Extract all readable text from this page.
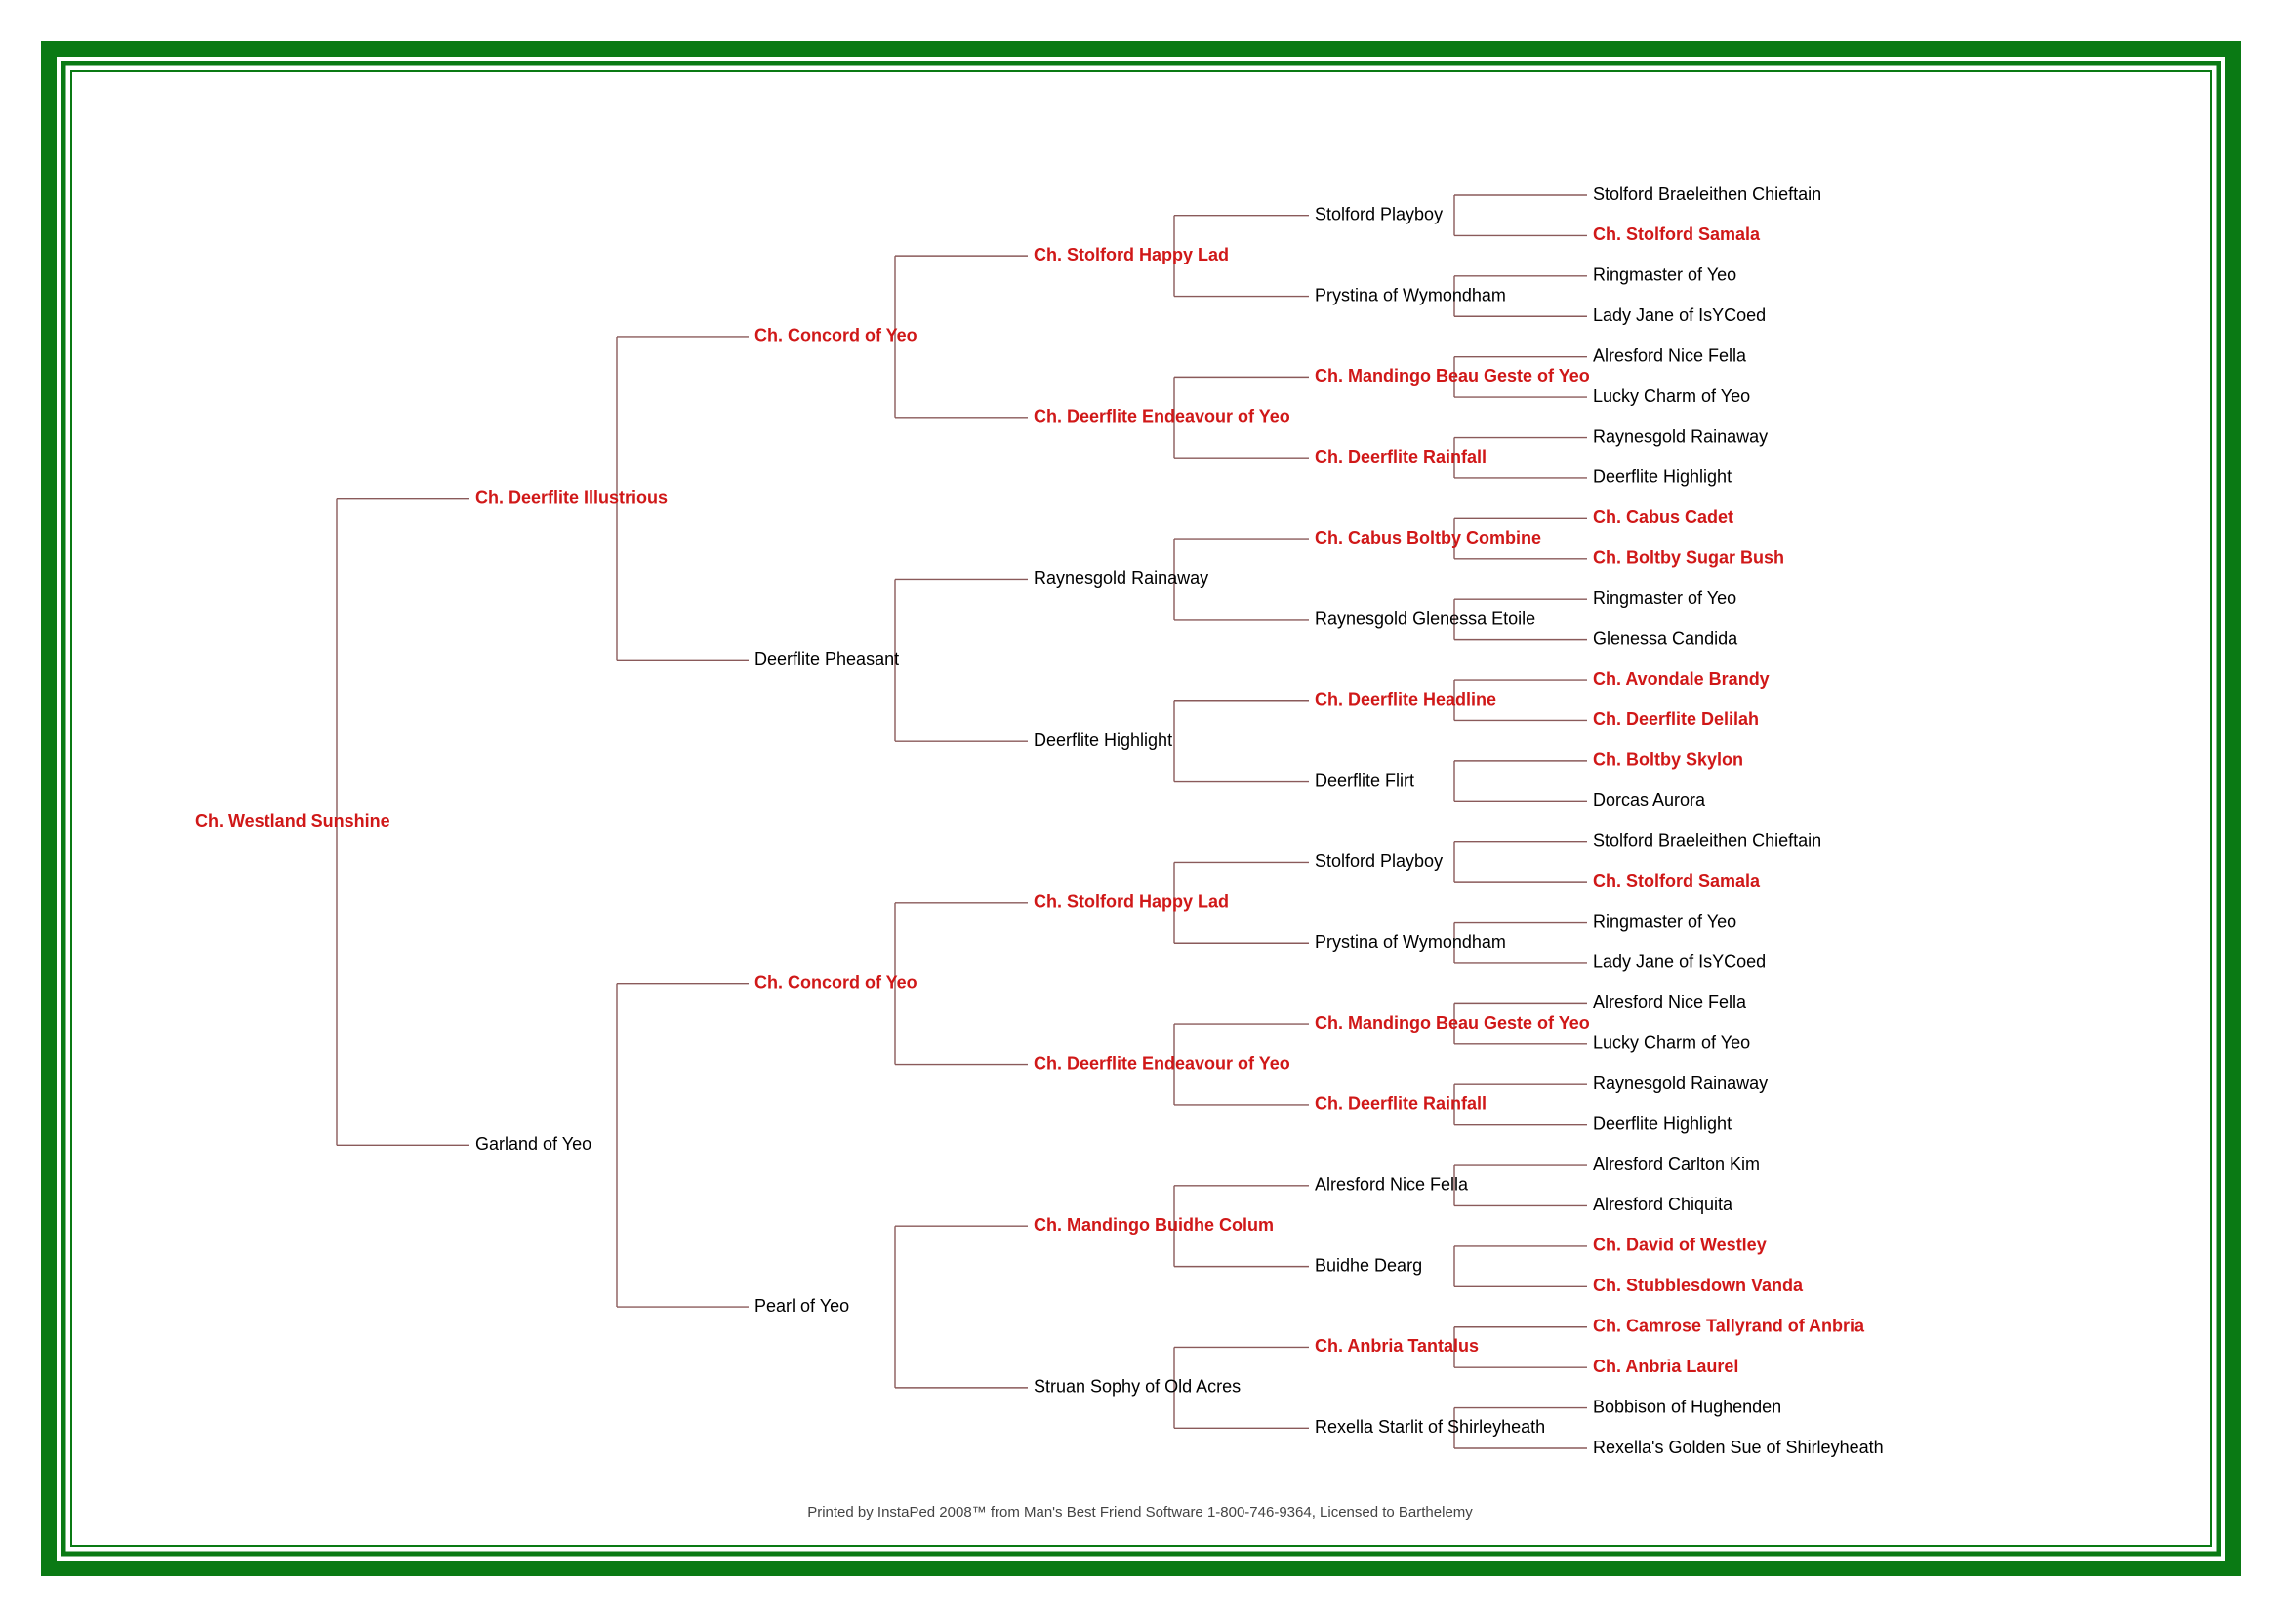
Ch. Westland Sunshine
Ch. Deerflite Illustrious
Ch. Concord of Yeo
Ch. Stolford Happy Lad
Stolford Playboy
Stolford Braeleithen Chieftain
Ch. Stolford Samala
Prystina of Wymondham
Ringmaster of Yeo
Lady Jane of IsYCoed
Ch. Deerflite Endeavour of Yeo
Ch. Mandingo Beau Geste of Yeo
Alresford Nice Fella
Lucky Charm of Yeo
Ch. Deerflite Rainfall
Raynesgold Rainaway
Deerflite Highlight
Deerflite Pheasant
Raynesgold Rainaway
Ch. Cabus Boltby Combine
Ch. Cabus Cadet
Ch. Boltby Sugar Bush
Raynesgold Glenessa Etoile
Ringmaster of Yeo
Glenessa Candida
Deerflite Highlight
Ch. Deerflite Headline
Ch. Avondale Brandy
Ch. Deerflite Delilah
Deerflite Flirt
Ch. Boltby Skylon
Dorcas Aurora
Garland of Yeo
Ch. Concord of Yeo
Ch. Stolford Happy Lad
Stolford Playboy
Stolford Braeleithen Chieftain
Ch. Stolford Samala
Prystina of Wymondham
Ringmaster of Yeo
Lady Jane of IsYCoed
Ch. Deerflite Endeavour of Yeo
Ch. Mandingo Beau Geste of Yeo
Alresford Nice Fella
Lucky Charm of Yeo
Ch. Deerflite Rainfall
Raynesgold Rainaway
Deerflite Highlight
Pearl of Yeo
Ch. Mandingo Buidhe Colum
Alresford Nice Fella
Alresford Carlton Kim
Alresford Chiquita
Buidhe Dearg
Ch. David of Westley
Ch. Stubblesdown Vanda
Struan Sophy of Old Acres
Ch. Anbria Tantalus
Ch. Camrose Tallyrand of Anbria
Ch. Anbria Laurel
Rexella Starlit of Shirleyheath
Bobbison of Hughenden
Rexella's Golden Sue of Shirleyheath
Printed by InstaPed 2008™ from Man's Best Friend Software 1-800-746-9364, Licensed to Barthelemy
